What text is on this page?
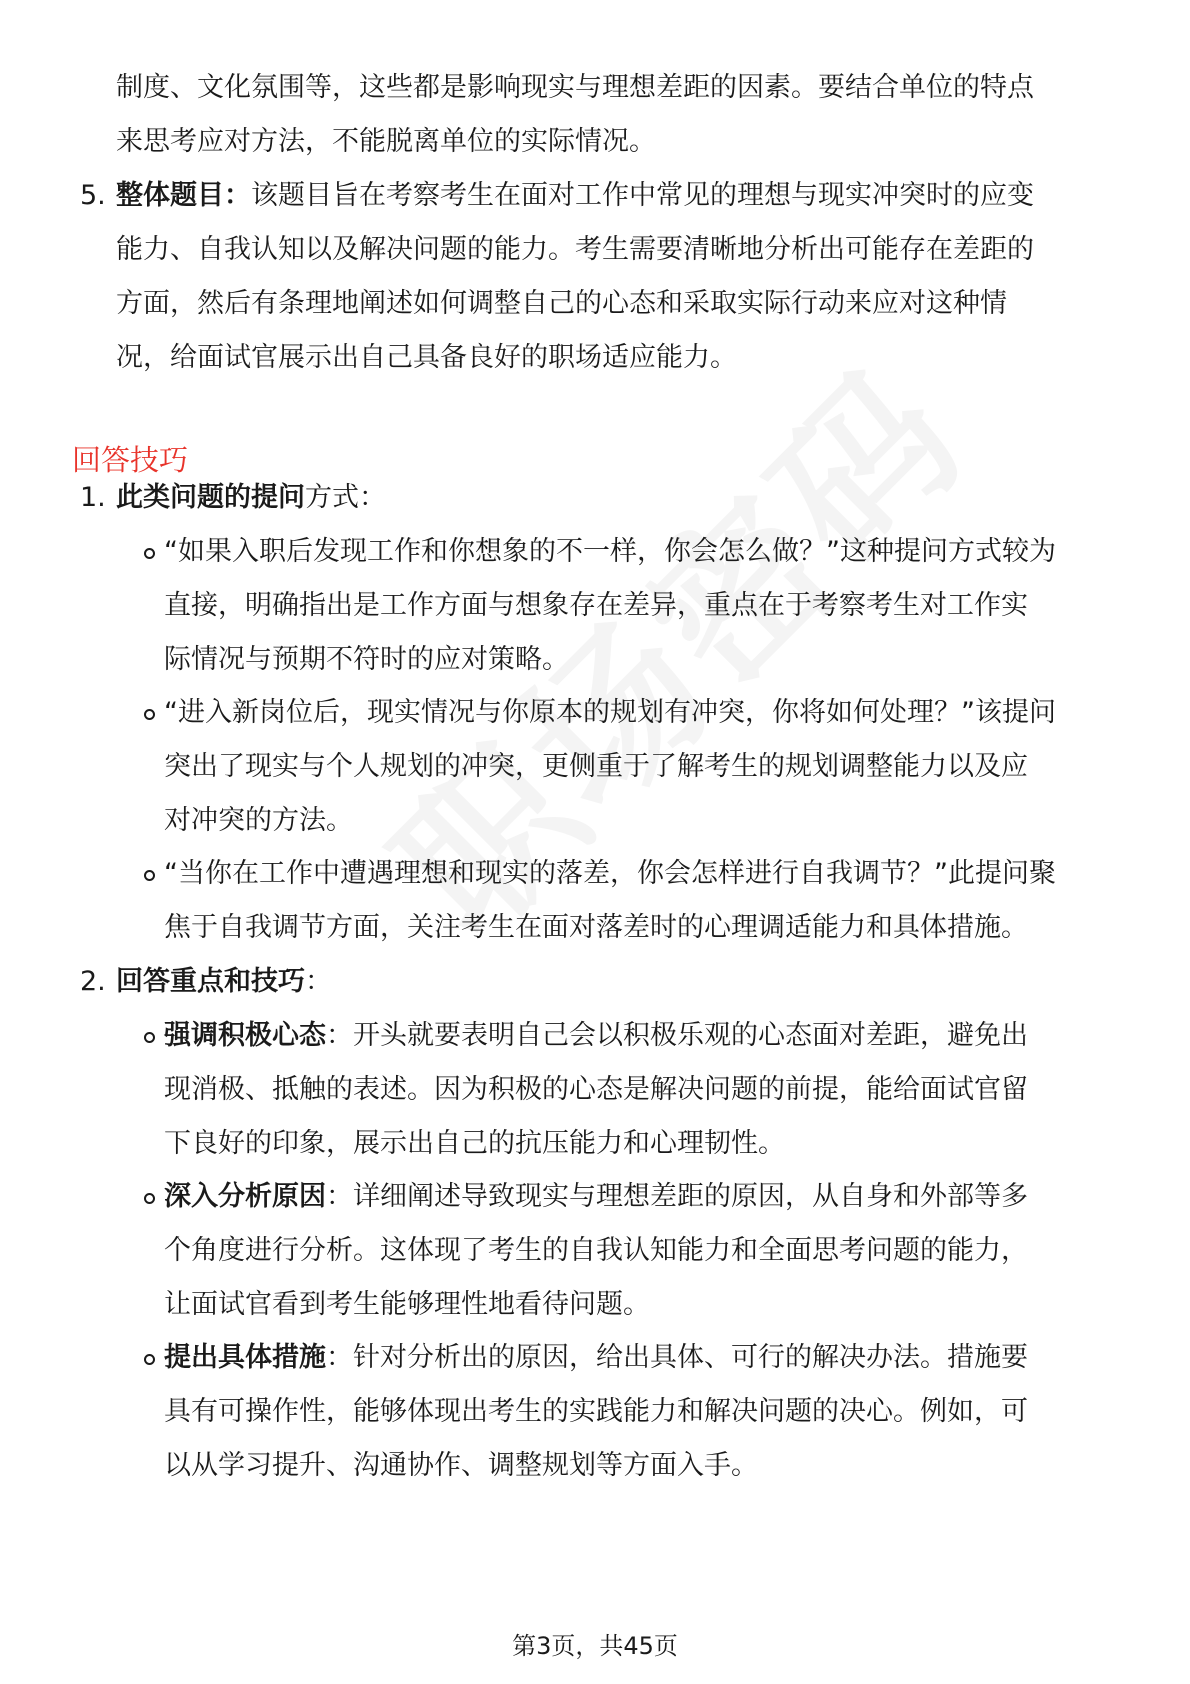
制度、文化氛围等，这些都是影响现实与理想差距的因素。要结合单位的特点
来思考应对方法，不能脱离单位的实际情况。
5. 整体题目：该题目旨在考察考生在面对工作中常见的理想与现实冲突时的应变
能力、自我认知以及解决问题的能力。考生需要清晰地分析出可能存在差距的
方面，然后有条理地阐述如何调整自己的心态和采取实际行动来应对这种情
况，给面试官展示出自己具备良好的职场适应能力。
回答技巧
1. 此类问题的提问方式：
“如果入职后发现工作和你想象的不一样，你会怎么做？”这种提问方式较为
直接，明确指出是工作方面与想象存在差异，重点在于考察考生对工作实
际情况与预期不符时的应对策略。
“进入新岗位后，现实情况与你原本的规划有冲突，你将如何处理？”该提问
突出了现实与个人规划的冲突，更侧重于了解考生的规划调整能力以及应
对冲突的方法。
“当你在工作中遭遇理想和现实的落差，你会怎样进行自我调节？”此提问聚
焦于自我调节方面，关注考生在面对落差时的心理调适能力和具体措施。
2. 回答重点和技巧：
强调积极心态：开头就要表明自己会以积极乐观的心态面对差距，避免出
现消极、抵触的表述。因为积极的心态是解决问题的前提，能给面试官留
下良好的印象，展示出自己的抗压能力和心理韧性。
深入分析原因：详细阐述导致现实与理想差距的原因，从自身和外部等多
个角度进行分析。这体现了考生的自我认知能力和全面思考问题的能力，
让面试官看到考生能够理性地看待问题。
提出具体措施：针对分析出的原因，给出具体、可行的解决办法。措施要
具有可操作性，能够体现出考生的实践能力和解决问题的决心。例如，可
以从学习提升、沟通协作、调整规划等方面入手。
第3页，共45页
